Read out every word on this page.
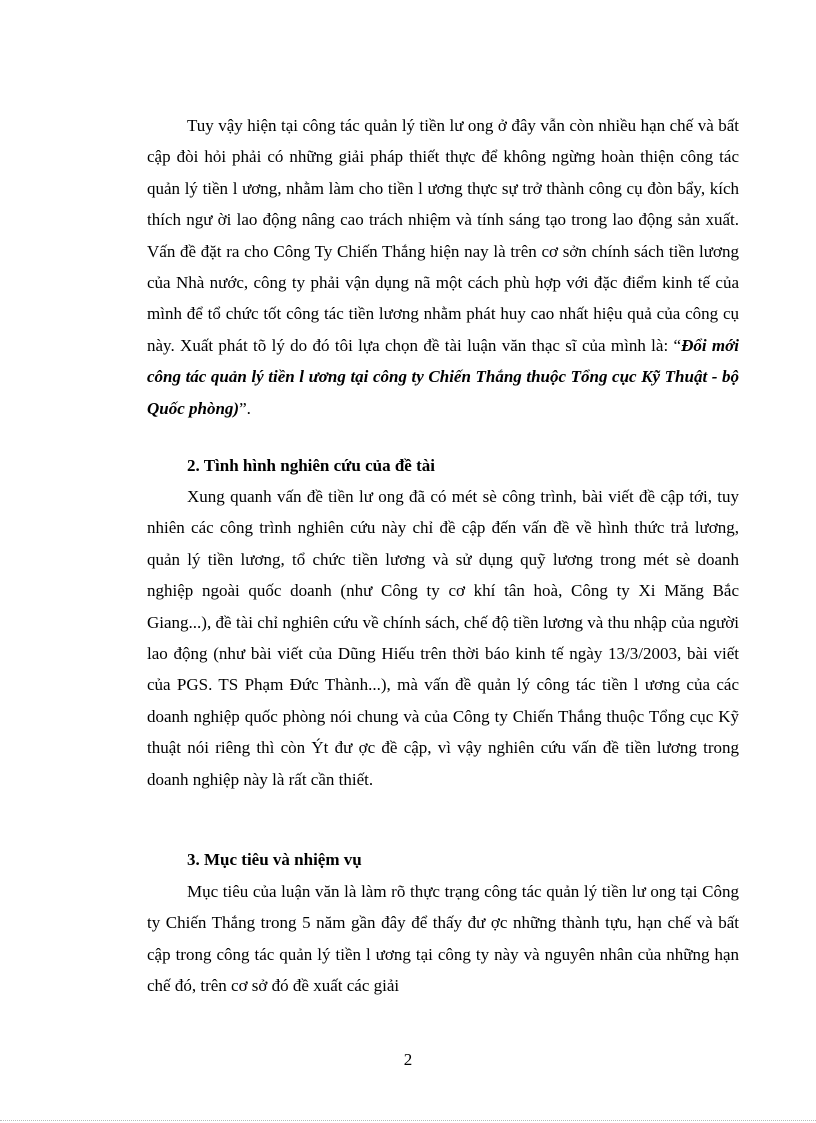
Tuy vậy hiện tại công tác quản lý tiền lư ong ở đây vẫn còn nhiều hạn chế và bất cập đòi hỏi phải có những giải pháp thiết thực để không ngừng hoàn thiện công tác quản lý tiền l ương, nhằm làm cho tiền l ương thực sự trở thành công cụ đòn bẩy, kích thích ngư ời lao động nâng cao trách nhiệm và tính sáng tạo trong lao động sản xuất. Vấn đề đặt ra cho Công Ty Chiến Thắng hiện nay là trên cơ sởn chính sách tiền lương của Nhà nước, công ty phải vận dụng nã một cách phù hợp với đặc điểm kinh tế của mình để tổ chức tốt công tác tiền lương nhằm phát huy cao nhất hiệu quả của công cụ này. Xuất phát tõ lý do đó tôi lựa chọn đề tài luận văn thạc sĩ của mình là: “Đổi mới công tác quản lý tiền l ương tại công ty Chiến Thắng thuộc Tổng cục Kỹ Thuật - bộ Quốc phòng)”.

2. Tình hình nghiên cứu của đề tài

Xung quanh vấn đề tiền lư ong đã có mét sè công trình, bài viết đề cập tới, tuy nhiên các công trình nghiên cứu này chỉ đề cập đến vấn đề về hình thức trả lương, quản lý tiền lương, tổ chức tiền lương và sử dụng quỹ lương trong mét sè doanh nghiệp ngoài quốc doanh (như Công ty cơ khí tân hoà, Công ty Xi Măng Bắc Giang...), đề tài chỉ nghiên cứu về chính sách, chế độ tiền lương và thu nhập của người lao động (như bài viết của Dũng Hiếu trên thời báo kinh tế ngày 13/3/2003, bài viết của PGS. TS Phạm Đức Thành...), mà vấn đề quản lý công tác tiền l ương của các doanh nghiệp quốc phòng nói chung và của Công ty Chiến Thắng thuộc Tổng cục Kỹ thuật nói riêng thì còn Ýt đư ợc đề cập, vì vậy nghiên cứu vấn đề tiền lương trong doanh nghiệp này là rất cần thiết.

3. Mục tiêu và nhiệm vụ

Mục tiêu của luận văn là làm rõ thực trạng công tác quản lý tiền lư ong tại Công ty Chiến Thắng trong 5 năm gần đây để thấy đư ợc những thành tựu, hạn chế và bất cập trong công tác quản lý tiền l ương tại công ty này và nguyên nhân của những hạn chế đó, trên cơ sở đó đề xuất các giải

2
